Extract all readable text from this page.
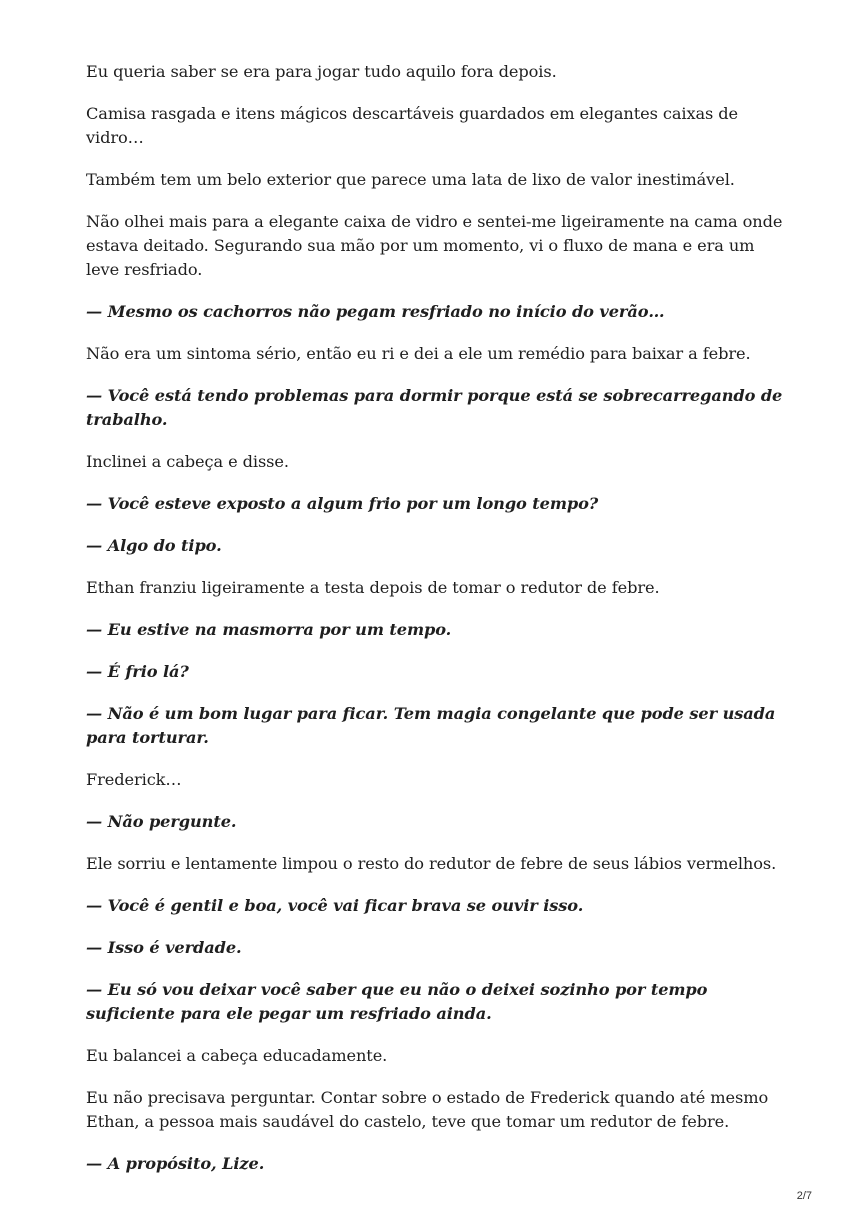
Eu queria saber se era para jogar tudo aquilo fora depois.

Camisa rasgada e itens mágicos descartáveis guardados em elegantes caixas de vidro…

Também tem um belo exterior que parece uma lata de lixo de valor inestimável.

Não olhei mais para a elegante caixa de vidro e sentei-me ligeiramente na cama onde estava deitado. Segurando sua mão por um momento, vi o fluxo de mana e era um leve resfriado.

— Mesmo os cachorros não pegam resfriado no início do verão…

Não era um sintoma sério, então eu ri e dei a ele um remédio para baixar a febre.

— Você está tendo problemas para dormir porque está se sobrecarregando de trabalho.

Inclinei a cabeça e disse.

— Você esteve exposto a algum frio por um longo tempo?

— Algo do tipo.

Ethan franziu ligeiramente a testa depois de tomar o redutor de febre.

— Eu estive na masmorra por um tempo.

— É frio lá?

— Não é um bom lugar para ficar. Tem magia congelante que pode ser usada para torturar.

Frederick…

— Não pergunte.

Ele sorriu e lentamente limpou o resto do redutor de febre de seus lábios vermelhos.

— Você é gentil e boa, você vai ficar brava se ouvir isso.

— Isso é verdade.

— Eu só vou deixar você saber que eu não o deixei sozinho por tempo suficiente para ele pegar um resfriado ainda.

Eu balancei a cabeça educadamente.

Eu não precisava perguntar. Contar sobre o estado de Frederick quando até mesmo Ethan, a pessoa mais saudável do castelo, teve que tomar um redutor de febre.

— A propósito, Lize.

2/7
